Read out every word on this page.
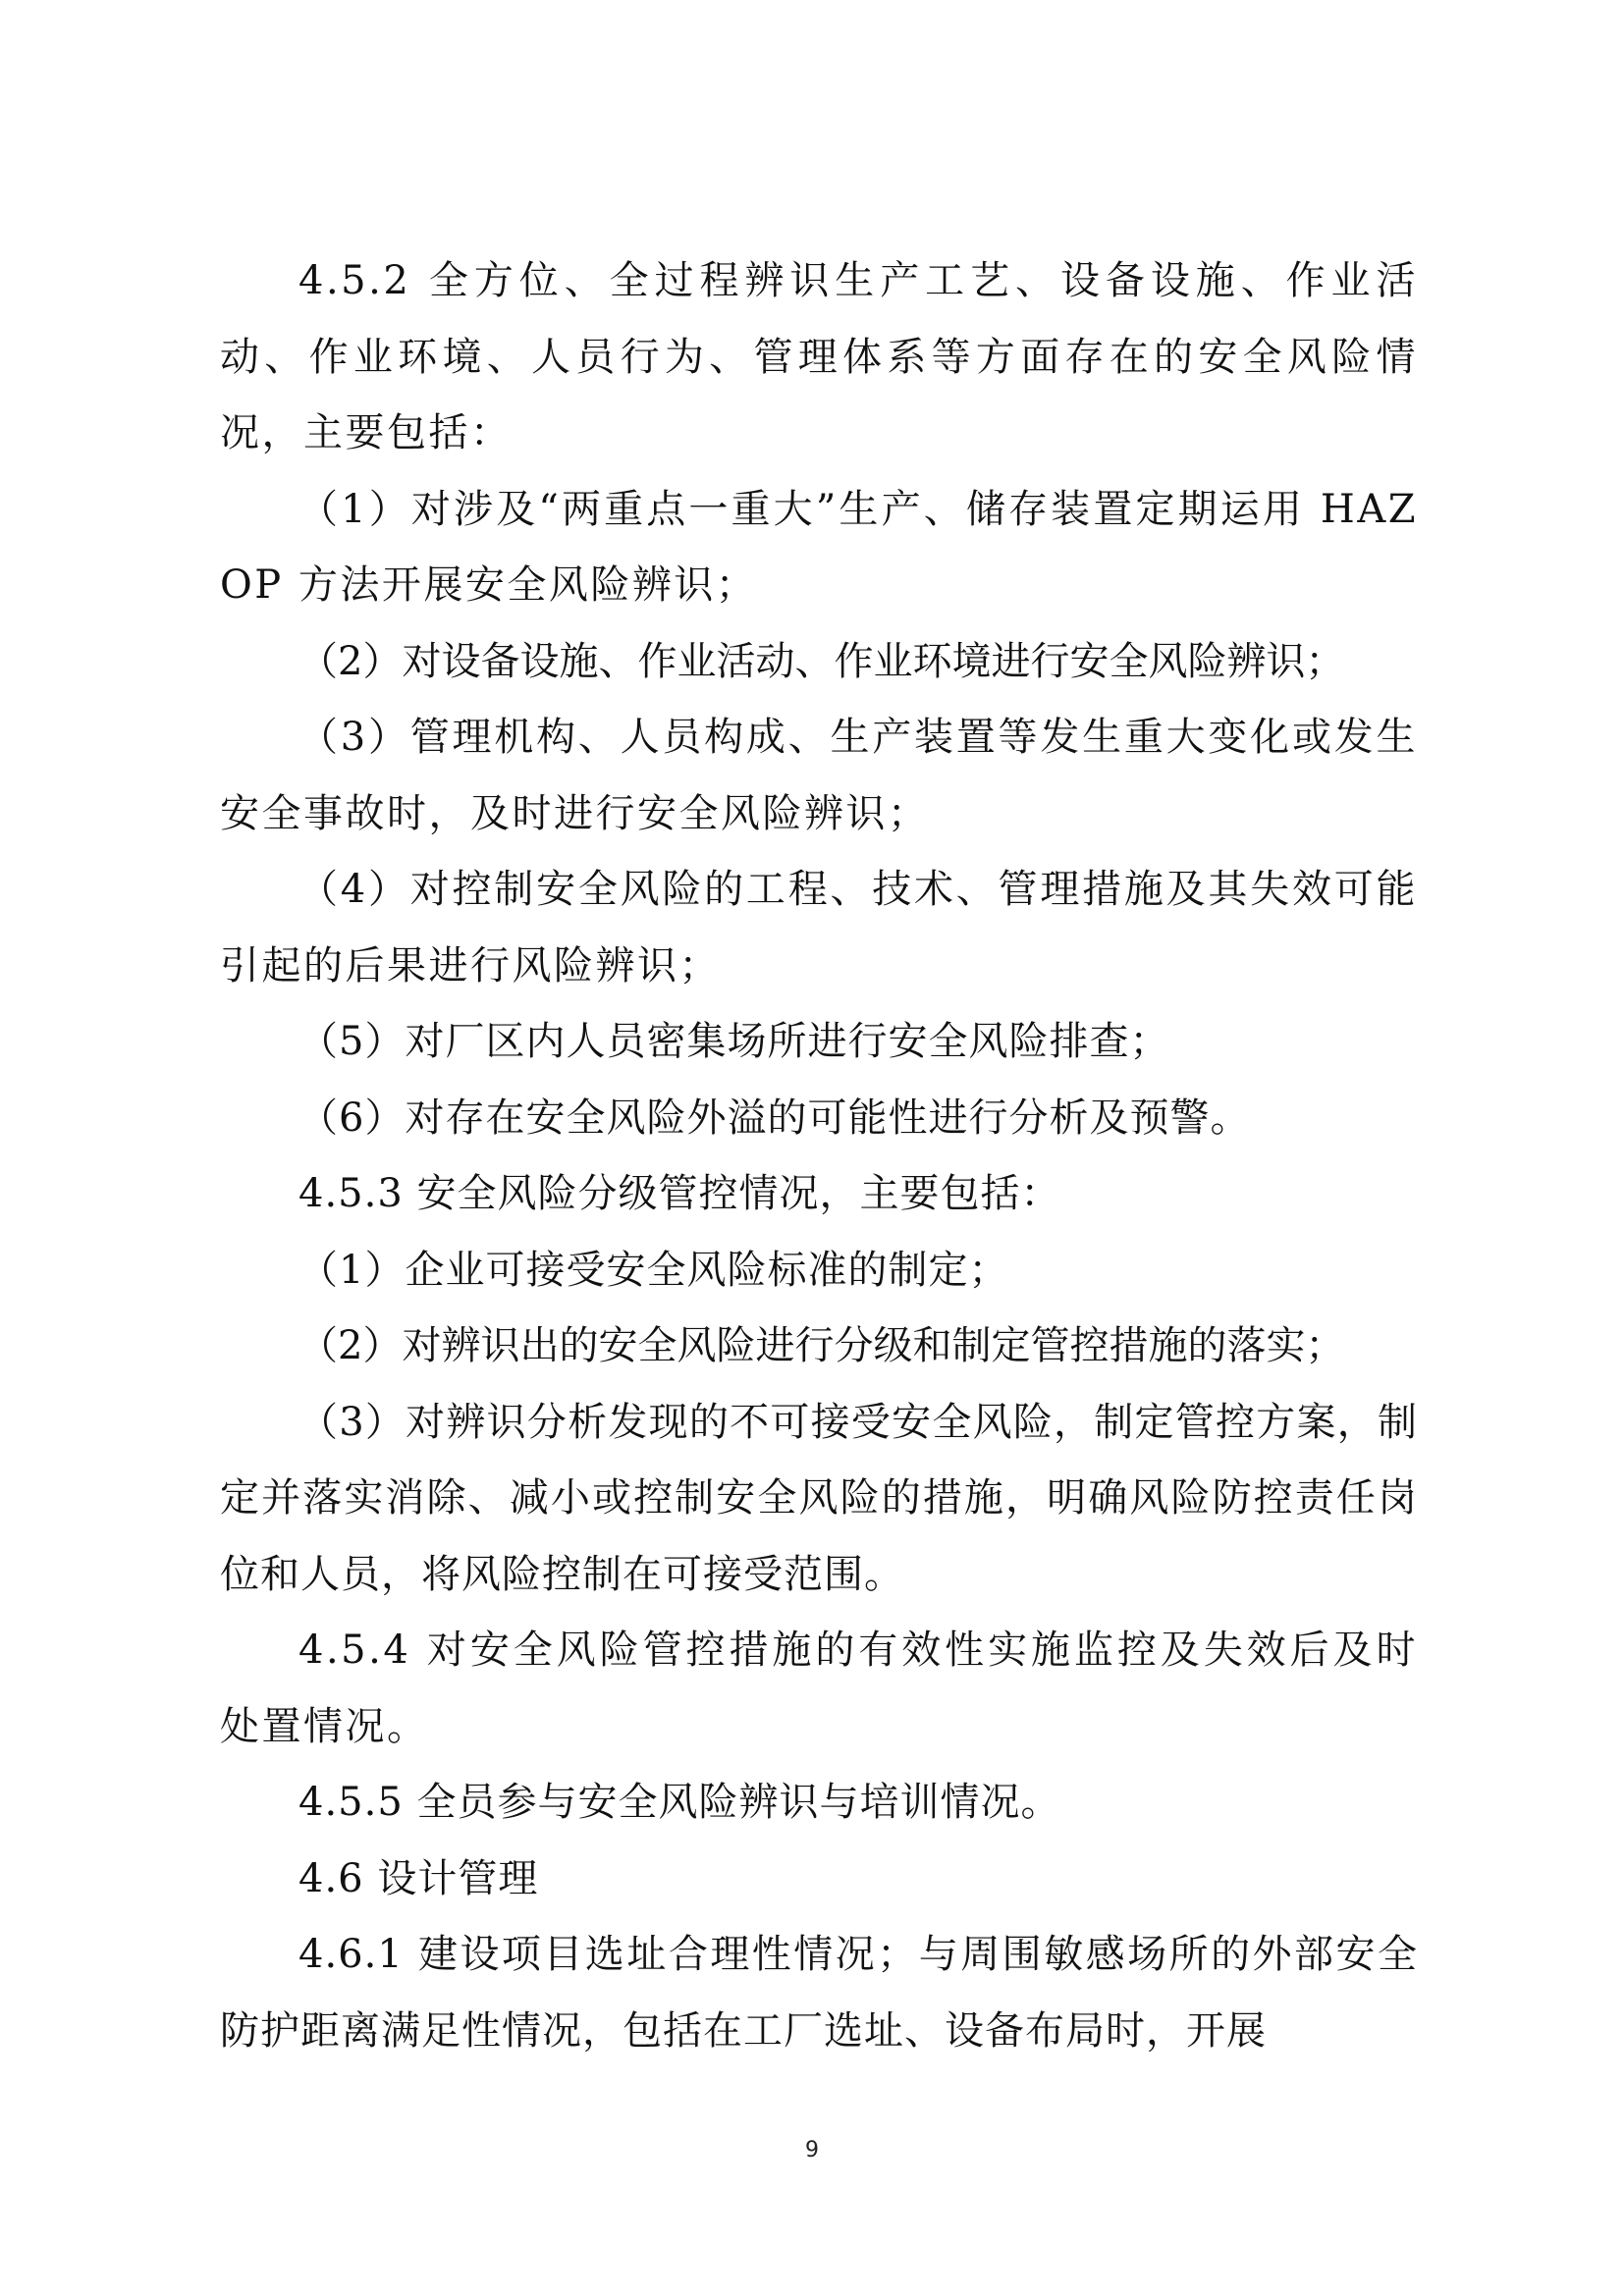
4.5.2 全方位、全过程辨识生产工艺、设备设施、作业活动、作业环境、人员行为、管理体系等方面存在的安全风险情况，主要包括：

（1）对涉及“两重点一重大”生产、储存装置定期运用 HAZOP 方法开展安全风险辨识；

（2）对设备设施、作业活动、作业环境进行安全风险辨识；

（3）管理机构、人员构成、生产装置等发生重大变化或发生安全事故时，及时进行安全风险辨识；

（4）对控制安全风险的工程、技术、管理措施及其失效可能引起的后果进行风险辨识；

（5）对厂区内人员密集场所进行安全风险排查；

（6）对存在安全风险外溢的可能性进行分析及预警。

4.5.3 安全风险分级管控情况，主要包括：

（1）企业可接受安全风险标准的制定；

（2）对辨识出的安全风险进行分级和制定管控措施的落实；

（3）对辨识分析发现的不可接受安全风险，制定管控方案，制定并落实消除、减小或控制安全风险的措施，明确风险防控责任岗位和人员，将风险控制在可接受范围。

4.5.4 对安全风险管控措施的有效性实施监控及失效后及时处置情况。

4.5.5 全员参与安全风险辨识与培训情况。

4.6 设计管理

4.6.1 建设项目选址合理性情况；与周围敏感场所的外部安全防护距离满足性情况，包括在工厂选址、设备布局时，开展

9
